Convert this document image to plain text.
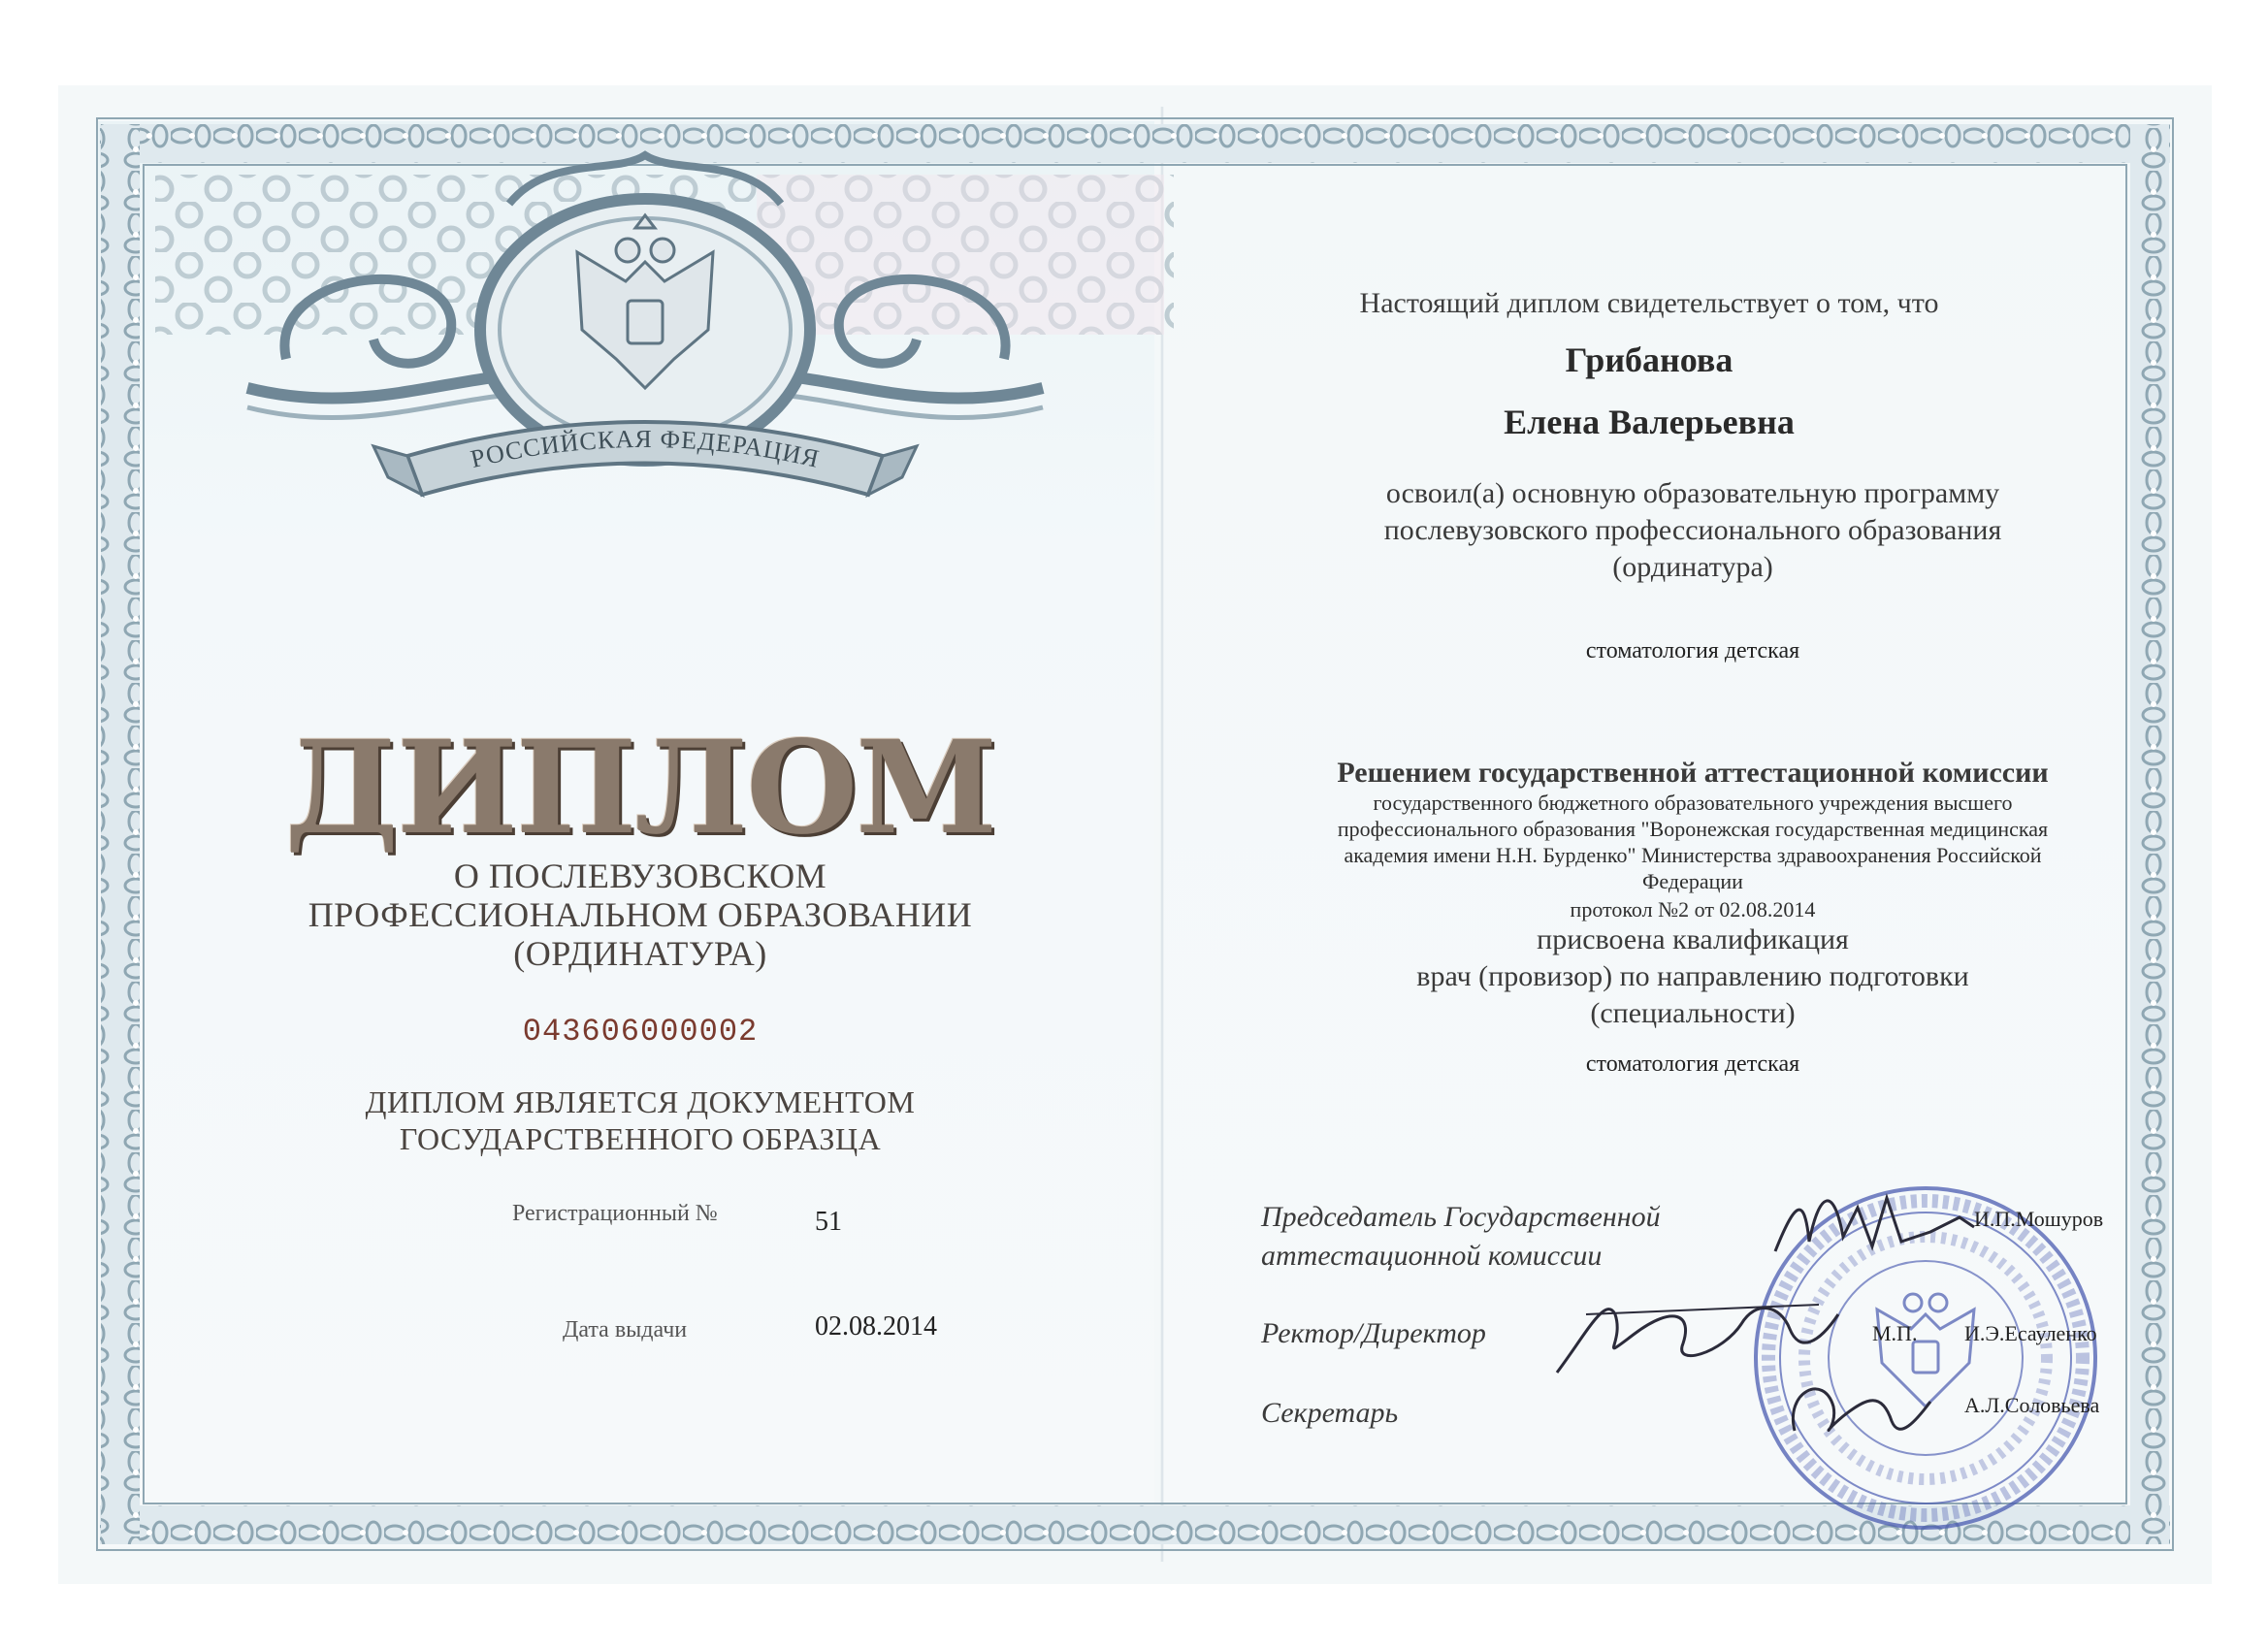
РОССИЙСКАЯ ФЕДЕРАЦИЯ
ДИПЛОМ
О ПОСЛЕВУЗОВСКОМ
ПРОФЕССИОНАЛЬНОМ ОБРАЗОВАНИИ
(ОРДИНАТУРА)
043606000002
ДИПЛОМ ЯВЛЯЕТСЯ ДОКУМЕНТОМ
ГОСУДАРСТВЕННОГО ОБРАЗЦА
Регистрационный №	51
Дата выдачи	02.08.2014
Настоящий диплом свидетельствует о том, что
Грибанова
Елена Валерьевна
освоил(а) основную образовательную программу
послевузовского профессионального образования
(ординатура)
стоматология детская
Решением государственной аттестационной комиссии
государственного бюджетного образовательного учреждения высшего
профессионального образования "Воронежская государственная медицинская
академия имени Н.Н. Бурденко" Министерства здравоохранения Российской
Федерации
протокол №2 от 02.08.2014
присвоена квалификация
врач (провизор) по направлению подготовки
(специальности)
стоматология детская
Председатель Государственной
аттестационной комиссии
И.П.Мошуров
Ректор/Директор	М.П. И.Э.Есауленко
Секретарь	А.Л.Соловьева
